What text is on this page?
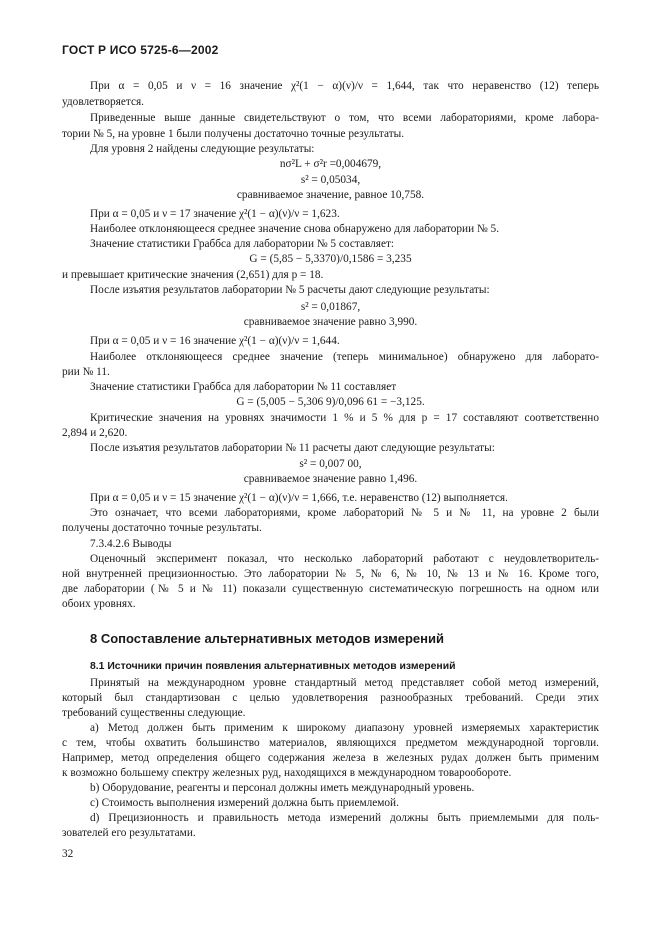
ГОСТ Р ИСО 5725-6—2002
При α = 0,05 и ν = 16 значение χ²(1 − α)(ν)/ν = 1,644, так что неравенство (12) теперь
удовлетворяется.
Приведенные выше данные свидетельствуют о том, что всеми лабораториями, кроме лабора-
тории № 5, на уровне 1 были получены достаточно точные результаты.
Для уровня 2 найдены следующие результаты:
nσ²L + σ²r =0,004679,
s² = 0,05034,
сравниваемое значение, равное 10,758.
При α = 0,05 и ν = 17 значение χ²(1 − α)(ν)/ν = 1,623.
Наиболее отклоняющееся среднее значение снова обнаружено для лаборатории № 5.
Значение статистики Граббса для лаборатории № 5 составляет:
G = (5,85 − 5,3370)/0,1586 = 3,235
и превышает критические значения (2,651) для p = 18.
После изъятия результатов лаборатории № 5 расчеты дают следующие результаты:
s² = 0,01867,
сравниваемое значение равно 3,990.
При α = 0,05 и ν = 16 значение χ²(1 − α)(ν)/ν = 1,644.
Наиболее отклоняющееся среднее значение (теперь минимальное) обнаружено для лаборато-
рии № 11.
Значение статистики Граббса для лаборатории № 11 составляет
G = (5,005 − 5,306 9)/0,096 61 = −3,125.
Критические значения на уровнях значимости 1 % и 5 % для p = 17 составляют соответственно
2,894 и 2,620.
После изъятия результатов лаборатории № 11 расчеты дают следующие результаты:
s² = 0,007 00,
сравниваемое значение равно 1,496.
При α = 0,05 и ν = 15 значение χ²(1 − α)(ν)/ν = 1,666, т.е. неравенство (12) выполняется.
Это означает, что всеми лабораториями, кроме лабораторий № 5 и № 11, на уровне 2 были
получены достаточно точные результаты.
7.3.4.2.6 Выводы
Оценочный эксперимент показал, что несколько лабораторий работают с неудовлетворитель-
ной внутренней прецизионностью. Это лаборатории № 5, № 6, № 10, № 13 и № 16. Кроме того,
две лаборатории (№ 5 и № 11) показали существенную систематическую погрешность на одном или
обоих уровнях.
8 Сопоставление альтернативных методов измерений
8.1 Источники причин появления альтернативных методов измерений
Принятый на международном уровне стандартный метод представляет собой метод измерений,
который был стандартизован с целью удовлетворения разнообразных требований. Среди этих
требований существенны следующие.
а) Метод должен быть применим к широкому диапазону уровней измеряемых характеристик
с тем, чтобы охватить большинство материалов, являющихся предметом международной торговли.
Например, метод определения общего содержания железа в железных рудах должен быть применим
к возможно большему спектру железных руд, находящихся в международном товарообороте.
b) Оборудование, реагенты и персонал должны иметь международный уровень.
c) Стоимость выполнения измерений должна быть приемлемой.
d) Прецизионность и правильность метода измерений должны быть приемлемыми для поль-
зователей его результатами.
32
